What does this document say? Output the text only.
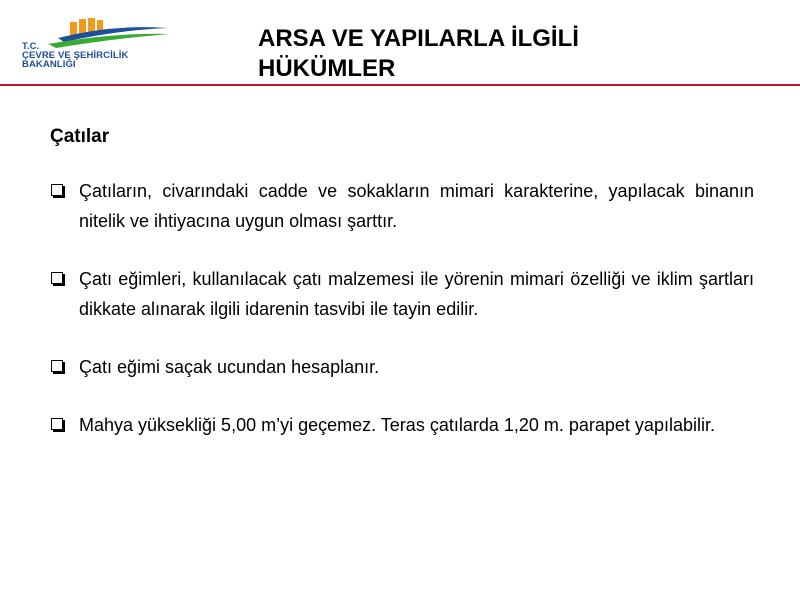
T.C.
ÇEVRE VE ŞEHİRCİLİK
BAKANLIĞI
ARSA VE YAPILARLA İLGİLİ HÜKÜMLER
Çatılar
Çatıların, civarındaki cadde ve sokakların mimari karakterine, yapılacak binanın nitelik ve ihtiyacına uygun olması şarttır.
Çatı eğimleri, kullanılacak çatı malzemesi ile yörenin mimari özelliği ve iklim şartları dikkate alınarak ilgili idarenin tasvibi ile tayin edilir.
Çatı eğimi saçak ucundan hesaplanır.
Mahya yüksekliği 5,00 m’yi geçemez. Teras çatılarda 1,20 m. parapet yapılabilir.
